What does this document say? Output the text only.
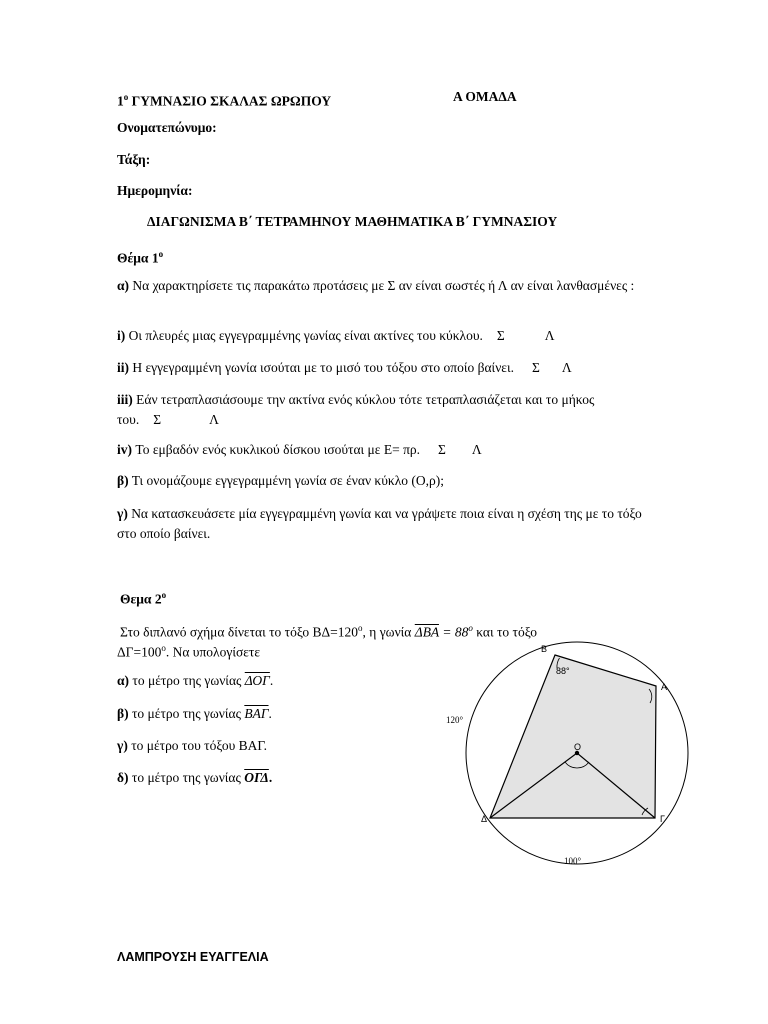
$1^o$ ΓΥΜΝΑΣΙΟ ΣΚΑΛΑΣ ΩΡΩΠΟΥ	Α ΟΜΑΔΑ
Ονοματεπώνυμο:
Τάξη:
Ημερομηνία:
ΔΙΑΓΩΝΙΣΜΑ Β΄ ΤΕΤΡΑΜΗΝΟΥ ΜΑΘΗΜΑΤΙΚΑ Β΄ ΓΥΜΝΑΣΙΟΥ
Θέμα $1^o$
α) Να χαρακτηρίσετε τις παρακάτω προτάσεις με Σ αν είναι σωστές ή Λ αν είναι λανθασμένες :
i) Οι πλευρές μιας εγγεγραμμένης γωνίας είναι ακτίνες του κύκλου. Σ	Λ
ii) Η εγγεγραμμένη γωνία ισούται με το μισό του τόξου στο οποίο βαίνει. Σ Λ
iii) Εάν τετραπλασιάσουμε την ακτίνα ενός κύκλου τότε τετραπλασιάζεται και το μήκος του. Σ	Λ
iv) Το εμβαδόν ενός κυκλικού δίσκου ισούται με Ε= πρ. Σ Λ
β) Τι ονομάζουμε εγγεγραμμένη γωνία σε έναν κύκλο (Ο,ρ);
γ) Να κατασκευάσετε μία εγγεγραμμένη γωνία και να γράψετε ποια είναι η σχέση της με το τόξο στο οποίο βαίνει.
Θεμα $2^o$
Στο διπλανό σχήμα δίνεται το τόξο $B\Delta=120^o$, η γωνία $\overline{\Delta BA} = 88^o$ και το τόξο
$\Delta\Gamma=100^o$. Να υπολογίσετε
α) το μέτρο της γωνίας $\overline{\Delta O\Gamma}$.
β) το μέτρο της γωνίας $\overline{BA\Gamma}$.
γ) το μέτρο του τόξου ΒΑΓ.
δ) το μέτρο της γωνίας $\overline{O\Gamma\Delta}$.
Β
Α
Ο
Δ	Γ
88°
120°
100°
ΛΑΜΠΡΟΥΣΗ ΕΥΑΓΓΕΛΙΑ
